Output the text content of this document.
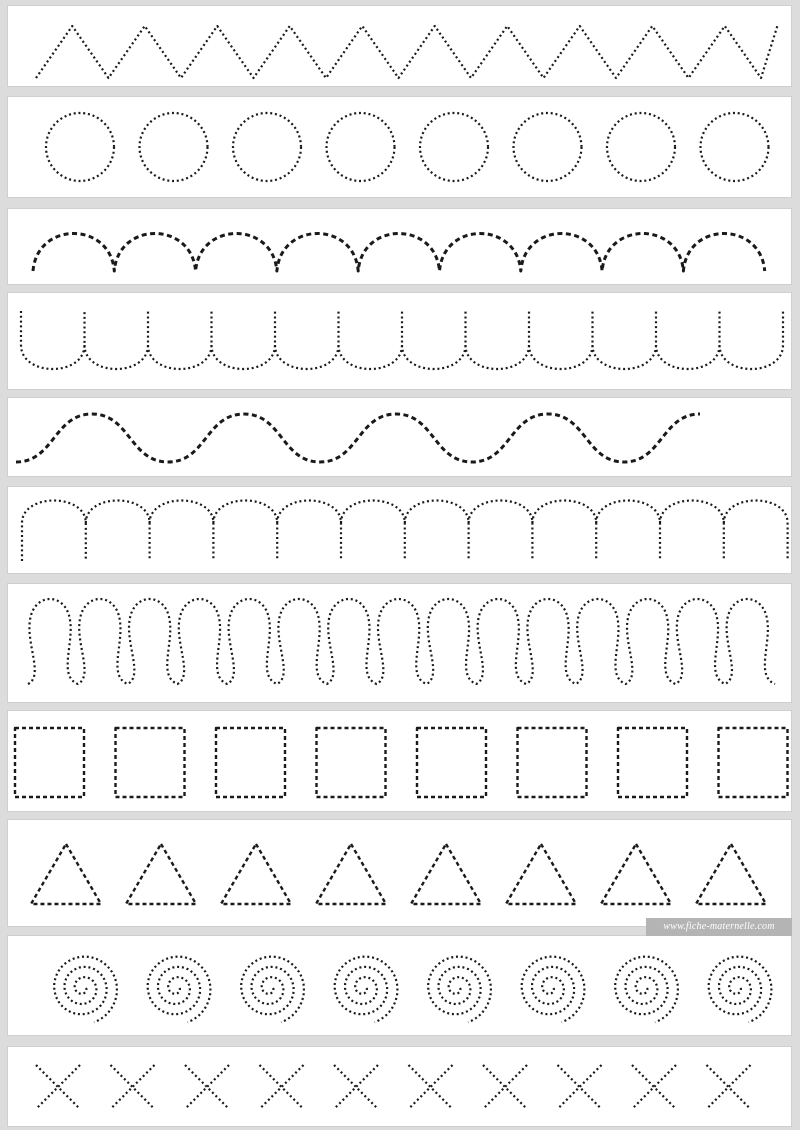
www.fiche-maternelle.com
